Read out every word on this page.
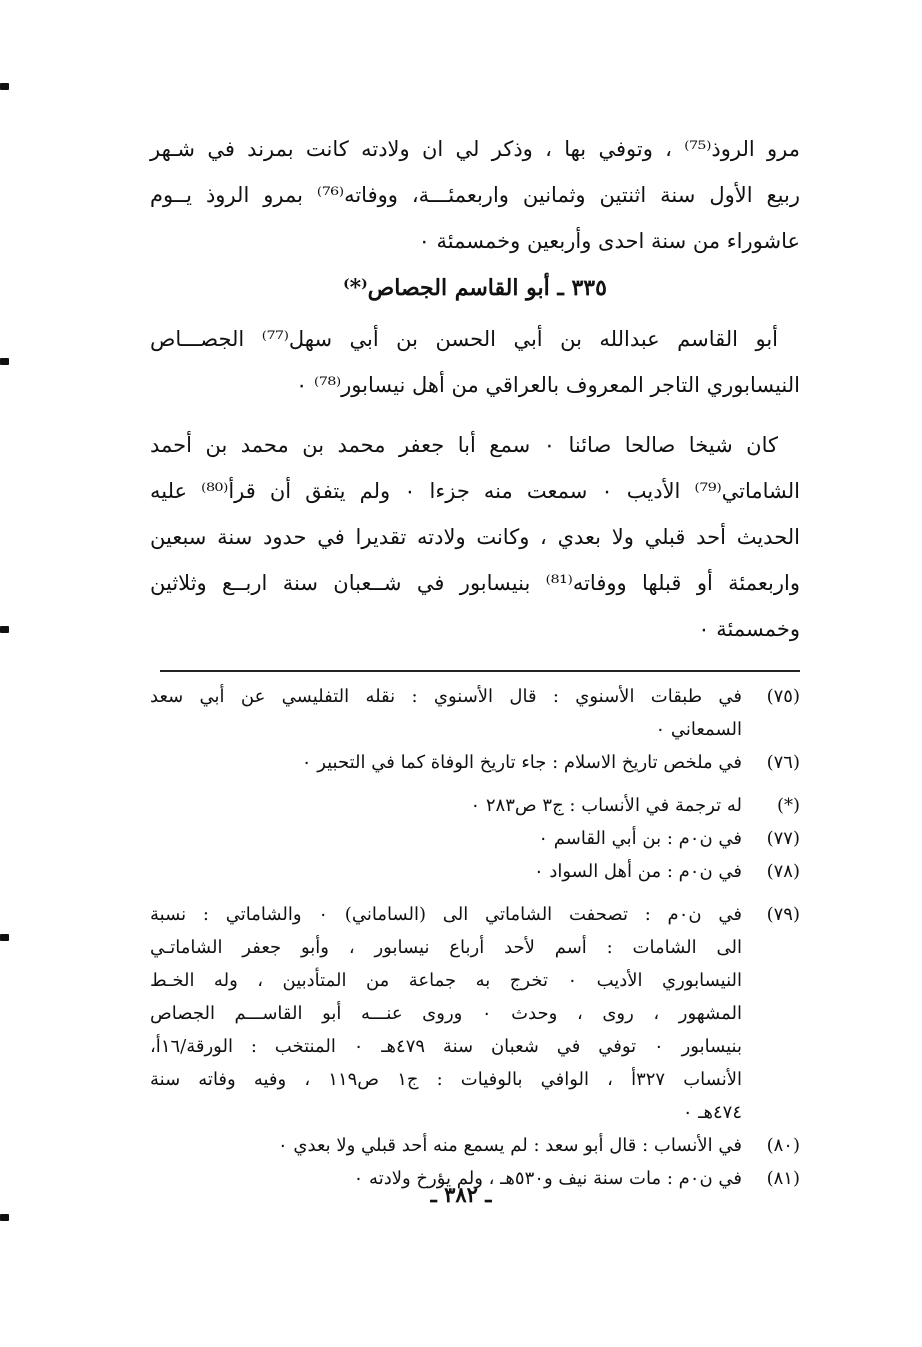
مرو الروذ⁽⁷⁵⁾ ، وتوفي بها ، وذكر لي ان ولادته كانت بمرند في شـهر
ربيع الأول سنة اثنتين وثمانين واربعمئـــة، ووفاته⁽⁷⁶⁾ بمرو الروذ يــوم
عاشوراء من سنة احدى وأربعين وخمسمئة ٠
٣٣٥ ـ أبو القاسم الجصاص⁽*⁾
أبو القاسم عبدالله بن أبي الحسن بن أبي سهل⁽⁷⁷⁾ الجصـــاص
النيسابوري التاجر المعروف بالعراقي من أهل نيسابور⁽⁷⁸⁾ ٠
كان شيخا صالحا صائنا ٠ سمع أبا جعفر محمد بن محمد بن أحمد
الشاماتي⁽⁷⁹⁾ الأديب ٠ سمعت منه جزءا ٠ ولم يتفق أن قرأ⁽⁸⁰⁾ عليه
الحديث أحد قبلي ولا بعدي ، وكانت ولادته تقديرا في حدود سنة سبعين
واربعمئة أو قبلها ووفاته⁽⁸¹⁾ بنيسابور في شــعبان سنة اربــع وثلاثين
وخمسمئة ٠
(٧٥)
في طبقات الأسنوي : قال الأسنوي : نقله التفليسي عن أبي سعد
السمعاني ٠
(٧٦)
في ملخص تاريخ الاسلام : جاء تاريخ الوفاة كما في التحبير ٠
(*)
له ترجمة في الأنساب : ج٣ ص٢٨٣ ٠
(٧٧)
في ن٠م : بن أبي القاسم ٠
(٧٨)
في ن٠م : من أهل السواد ٠
(٧٩)
في ن٠م : تصحفت الشاماتي الى (الساماني) ٠ والشاماتي : نسبة
الى الشامات : أسم لأحد أرباع نيسابور ، وأبو جعفر الشاماتـي
النيسابوري الأديب ٠ تخرج به جماعة من المتأدبين ، وله الخـط
المشهور ، روى ، وحدث ٠ وروى عنـــه أبو القاســـم الجصاص
بنيسابور ٠ توفي في شعبان سنة ٤٧٩هـ ٠ المنتخب : الورقة/١٦أ،
الأنساب ٣٢٧أ ، الوافي بالوفيات : ج١ ص١١٩ ، وفيه وفاته سنة
٤٧٤هـ ٠
(٨٠)
في الأنساب : قال أبو سعد : لم يسمع منه أحد قبلي ولا بعدي ٠
(٨١)
في ن٠م : مات سنة نيف و٥٣٠هـ ، ولم يؤرخ ولادته ٠
ـ ٣٨٢ ـ
